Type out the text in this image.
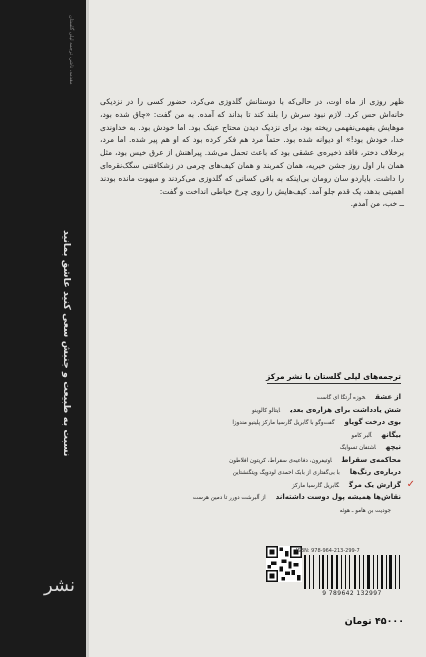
مقدمه، ناشر، ترجمه لیلی گلستان
نسبت به طبیعت و جنبش سعی کنید عاشق بمانید
نشر

ظهر روزی از ماه اوت، در حالی‌که با دوستانش گلدوزی می‌کرد، حضور کسی را در نزدیکی خانه‌اش حس کرد. لازم نبود سرش را بلند کند تا بداند که آمده. به من گفت: «چاق شده بود، موهایش بفهمی‌نفهمی ریخته بود، برای نزدیک دیدن محتاج عینک بود. اما خودش بود. به خداوندی خدا، خودش بود!» او دیوانه شده بود. حتماً مرد هم فکر کرده بود که او هم پیر شده. اما مرد، برخلاف دختر، فاقد ذخیره‌ی عشقی بود که باعث تحمل می‌شد. پیراهنش از عرق خیس بود، مثل همان بار اول روز جشن خیریه، همان کمربند و همان کیف‌های چرمی در زشکافتنی سگک‌نقره‌ای را داشت. بایاردو سان رومان بی‌اینکه به باقی کسانی که گلدوزی می‌کردند و مبهوت مانده بودند اهمیتی بدهد، یک قدم جلو آمد. کیف‌هایش را روی چرخ خیاطی انداخت و گفت:

ــ خب، من آمدم.

ترجمه‌های لیلی گلستان با نشر مرکز
از عشقخوزه اُرتگا ای گاست
شش یادداشت برای هزاره‌ی بعدیایتالو کالوینو
بوی درخت گویاوگفت‌وگو با گابریل گارسیا مارکز پلینیو مندوزا
بیگانهآلبر کامو
نیچهاشتفان تسوایگ
محاکمه‌ی سقراطاوتیفرون، دفاعیه‌ی سقراط، کریتون افلاطون
درباره‌ی رنگ‌هابا بی‌گفتاری از بابک احمدی لودویگ ویتگنشتاین
✓
گزارش یک مرگگابریل گارسیا مارکز
نقاش‌ها همیشه پول دوست داشته‌انداز آلبرشت دورر تا دمین هرست
جودیت بن هامو ـ هوئه
ISBN: 978-964-213-299-7
9 789642 132997
۴۵۰۰۰ تومان
